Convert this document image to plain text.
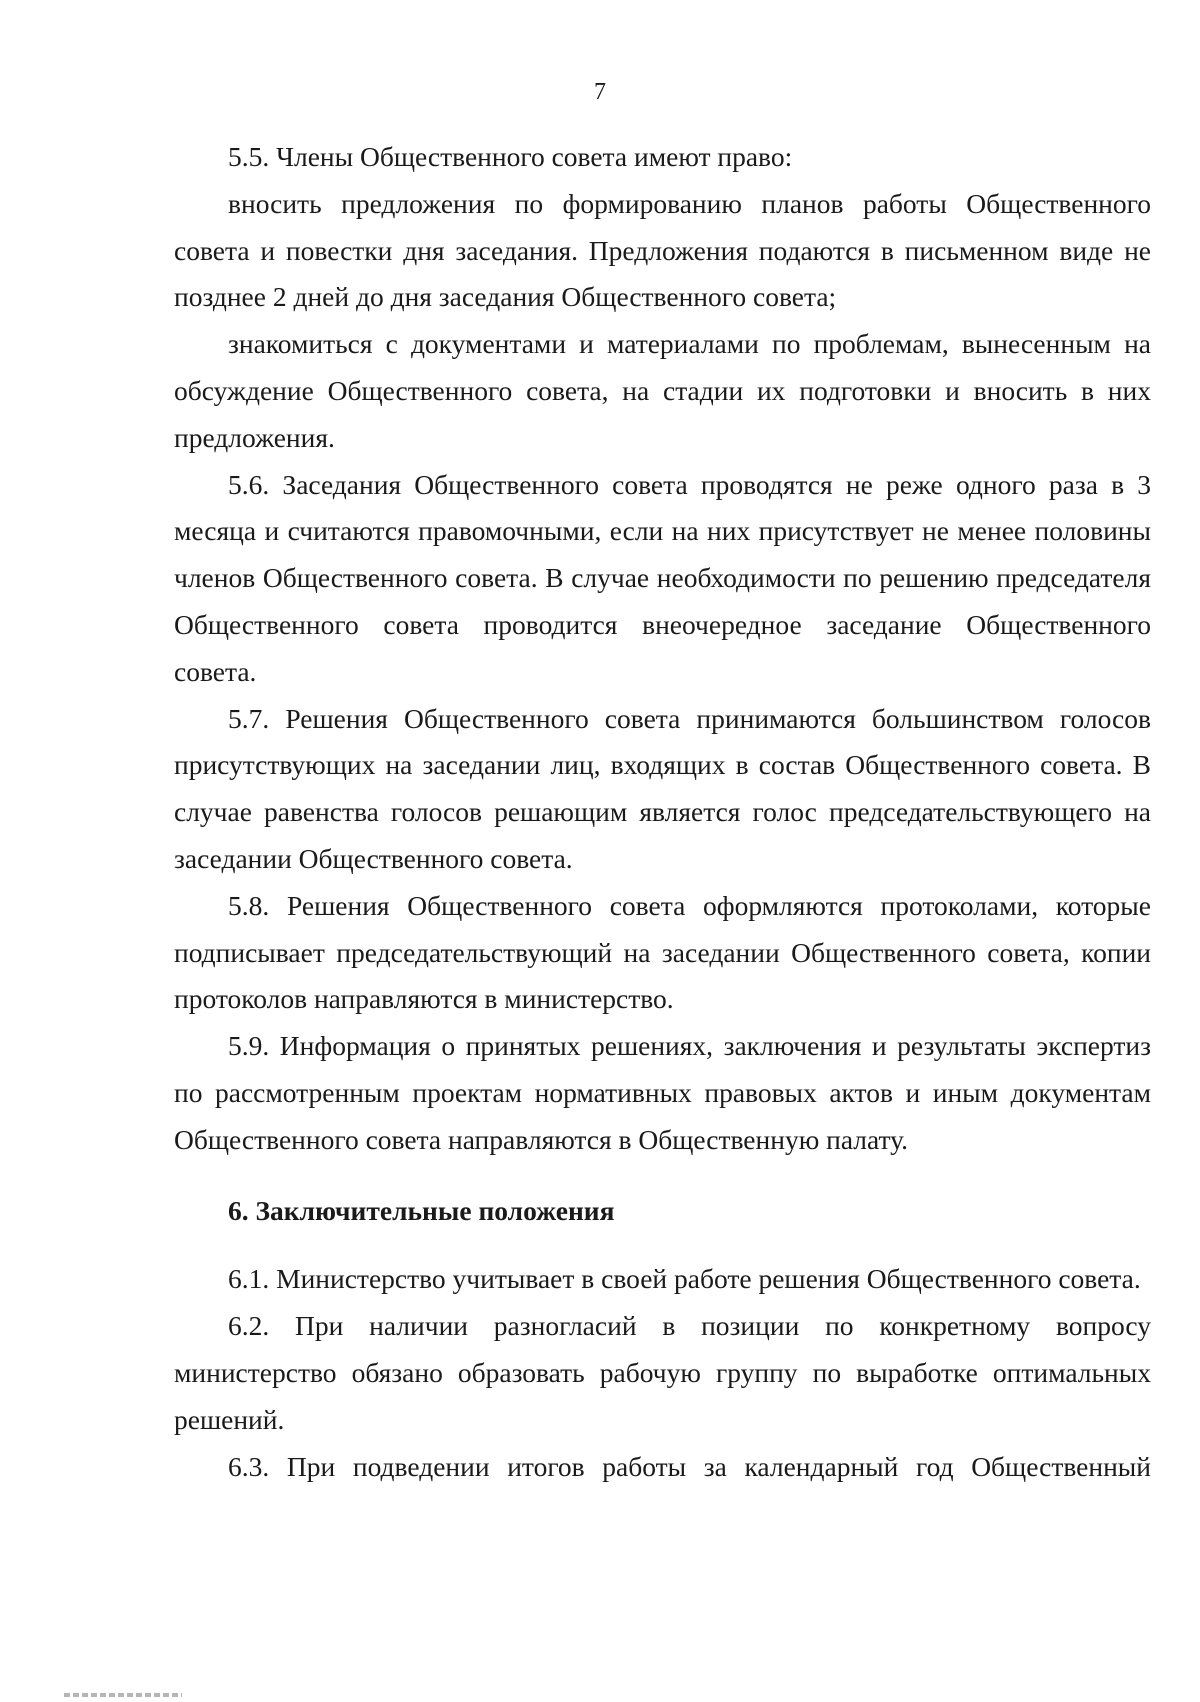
7

5.5. Члены Общественного совета имеют право:

вносить предложения по формированию планов работы Общественного совета и повестки дня заседания. Предложения подаются в письменном виде не позднее 2 дней до дня заседания Общественного совета;

знакомиться с документами и материалами по проблемам, вынесенным на обсуждение Общественного совета, на стадии их подготовки и вносить в них предложения.

5.6. Заседания Общественного совета проводятся не реже одного раза в 3 месяца и считаются правомочными, если на них присутствует не менее половины членов Общественного совета. В случае необходимости по решению председателя Общественного совета проводится внеочередное заседание Общественного совета.

5.7. Решения Общественного совета принимаются большинством голосов присутствующих на заседании лиц, входящих в состав Общественного совета. В случае равенства голосов решающим является голос председательствующего на заседании Общественного совета.

5.8. Решения Общественного совета оформляются протоколами, которые подписывает председательствующий на заседании Общественного совета, копии протоколов направляются в министерство.

5.9. Информация о принятых решениях, заключения и результаты экспертиз по рассмотренным проектам нормативных правовых актов и иным документам Общественного совета направляются в Общественную палату.

6. Заключительные положения

6.1. Министерство учитывает в своей работе решения Общественного совета.

6.2. При наличии разногласий в позиции по конкретному вопросу министерство обязано образовать рабочую группу по выработке оптимальных решений.

6.3. При подведении итогов работы за календарный год Общественный
